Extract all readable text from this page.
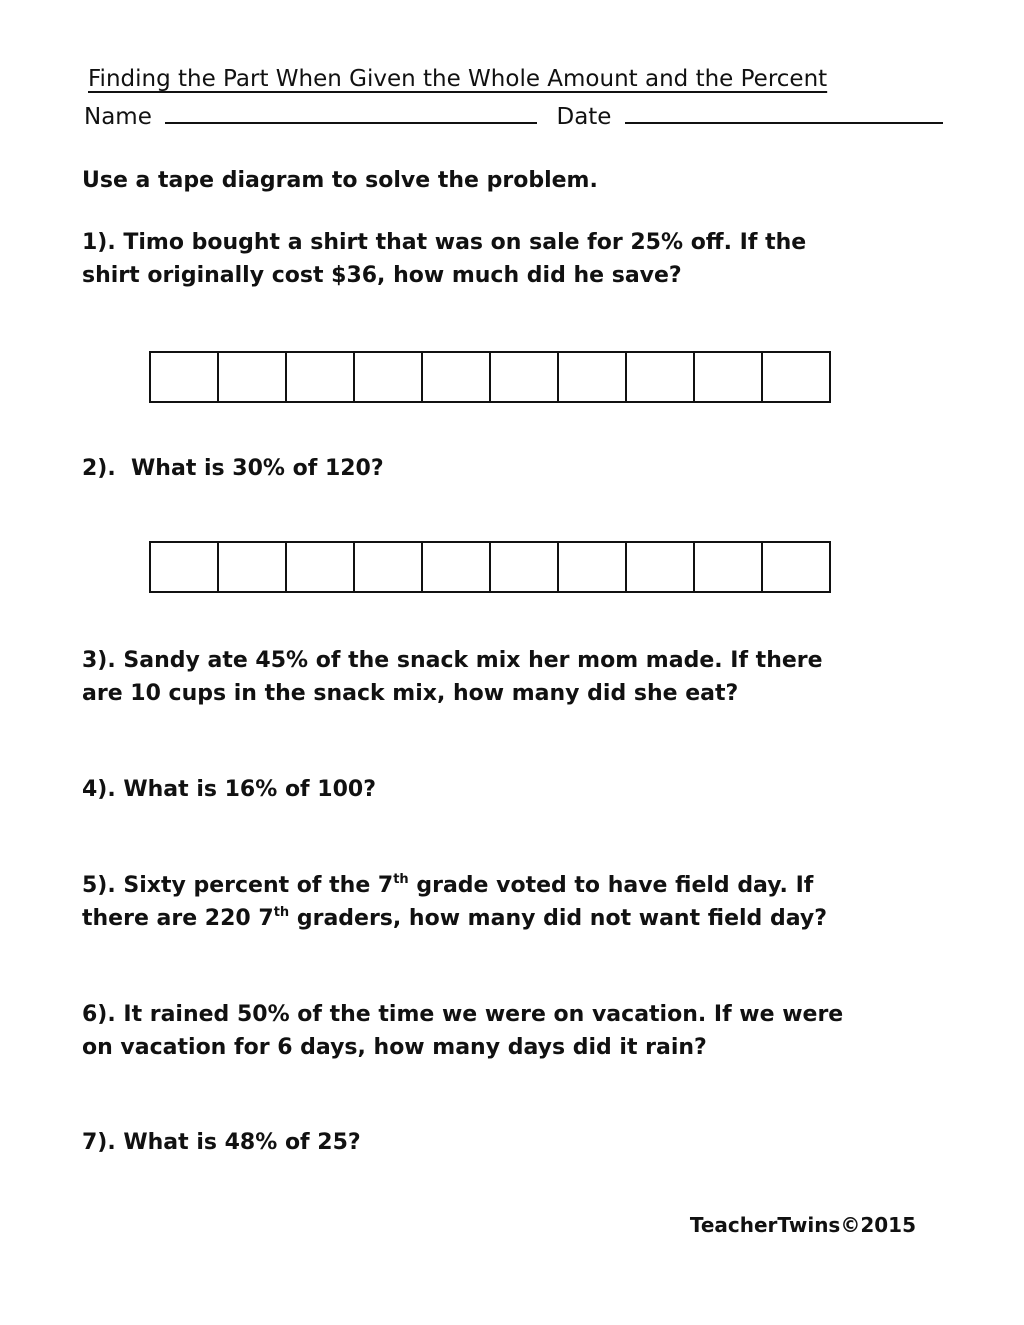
Finding the Part When Given the Whole Amount and the Percent
Name	Date
Use a tape diagram to solve the problem.
1). Timo bought a shirt that was on sale for 25% off. If the
shirt originally cost $36, how much did he save?
2).  What is 30% of 120?
3). Sandy ate 45% of the snack mix her mom made. If there
are 10 cups in the snack mix, how many did she eat?
4). What is 16% of 100?
5). Sixty percent of the 7th grade voted to have field day. If
there are 220 7th graders, how many did not want field day?
6). It rained 50% of the time we were on vacation. If we were
on vacation for 6 days, how many days did it rain?
7). What is 48% of 25?
TeacherTwins©2015
